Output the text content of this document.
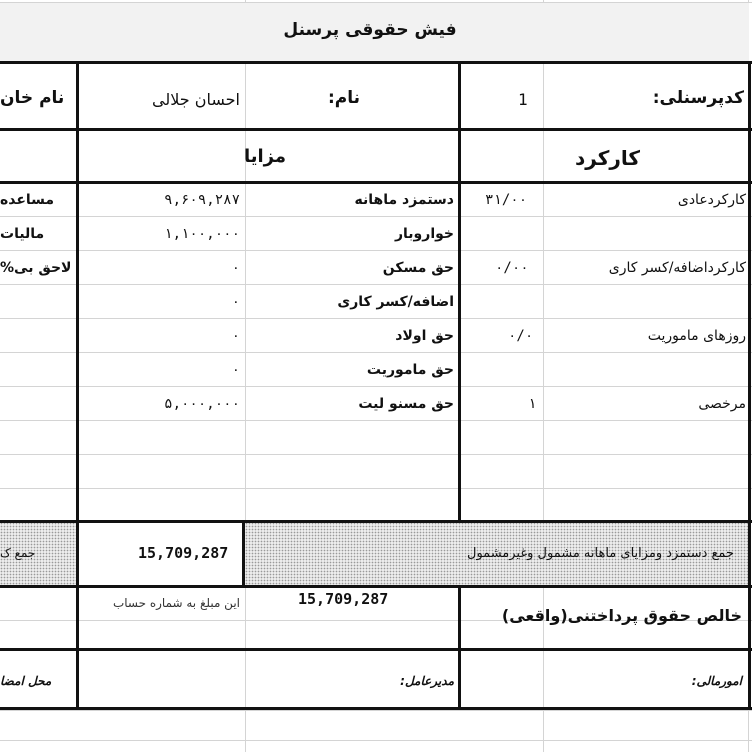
فیش حقوقی پرسنل
کدپرسنلی:
1
نام:
احسان جلالی
نام خان
کارکرد
مزایا
کارکردعادی
۳۱/۰۰
کارکرداضافه/کسر کاری
۰/۰۰
روزهای ماموریت
۰/۰
مرخصی
۱
دستمزد ماهانه
۹,۶۰۹,۲۸۷
خواروبار
۱,۱۰۰,۰۰۰
حق مسکن
۰
اضافه/کسر کاری
۰
حق اولاد
۰
حق ماموریت
۰
حق مسنو لیت
۵,۰۰۰,۰۰۰
مساعده
مالیات
%لاحق بی
جمع دستمزد ومزایای ماهانه مشمول وغیرمشمول
15,709,287
جمع ک
خالص حقوق پرداختنی(واقعی)
15,709,287
این مبلغ به شماره حساب
امورمالی:
مدیرعامل:
محل امضا
